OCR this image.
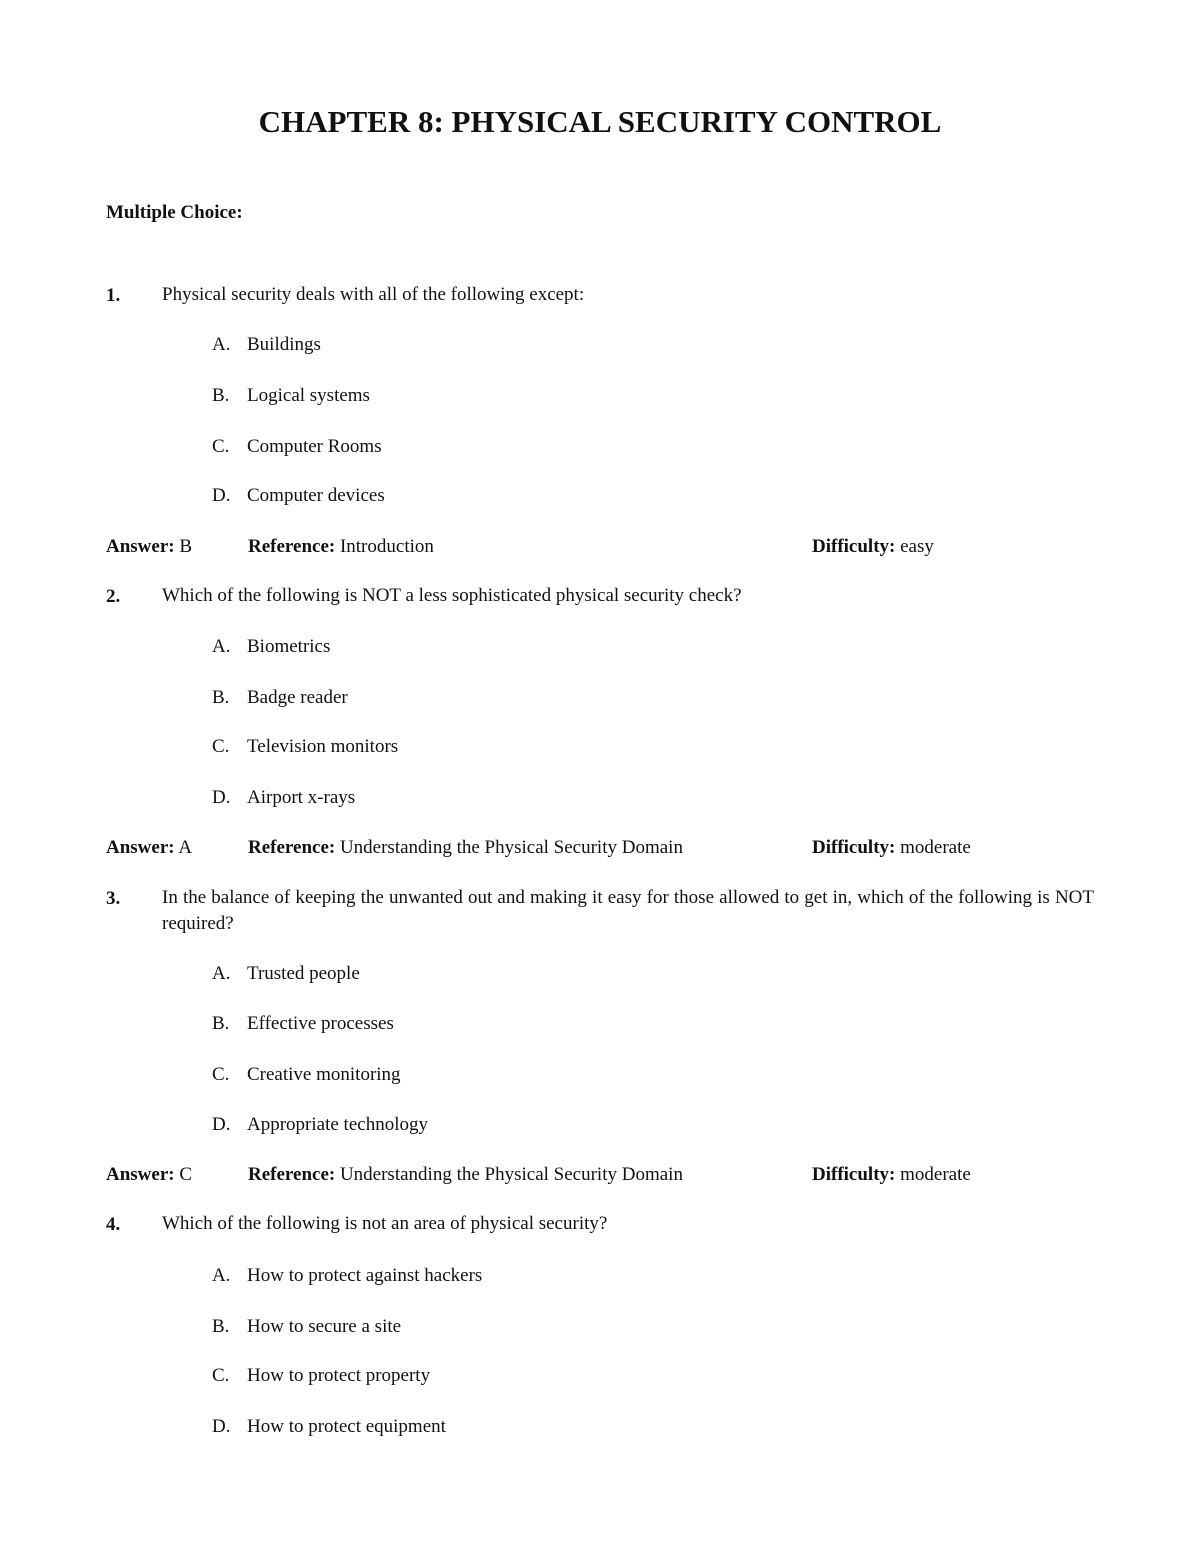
CHAPTER 8: PHYSICAL SECURITY CONTROL
Multiple Choice:
1. Physical security deals with all of the following except:
A. Buildings
B. Logical systems
C. Computer Rooms
D. Computer devices
Answer: B	Reference: Introduction	Difficulty: easy
2. Which of the following is NOT a less sophisticated physical security check?
A. Biometrics
B. Badge reader
C. Television monitors
D. Airport x-rays
Answer: A	Reference: Understanding the Physical Security Domain	Difficulty: moderate
3. In the balance of keeping the unwanted out and making it easy for those allowed to get in, which of the following is NOT required?
A. Trusted people
B. Effective processes
C. Creative monitoring
D. Appropriate technology
Answer: C	Reference: Understanding the Physical Security Domain	Difficulty: moderate
4. Which of the following is not an area of physical security?
A. How to protect against hackers
B. How to secure a site
C. How to protect property
D. How to protect equipment
